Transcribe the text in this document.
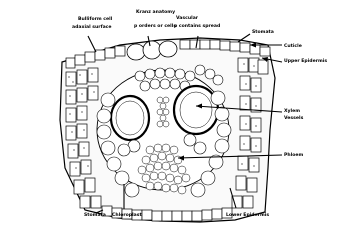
Bulliform cell
adaxial surface
Kranz anatomy
p orders or cells
Vascular
p contains spread
Stomata
Cuticle
Upper Epidermis
Xylem
Vessels
Phloem
Stomata Chloroplast	Lower Epidermis
